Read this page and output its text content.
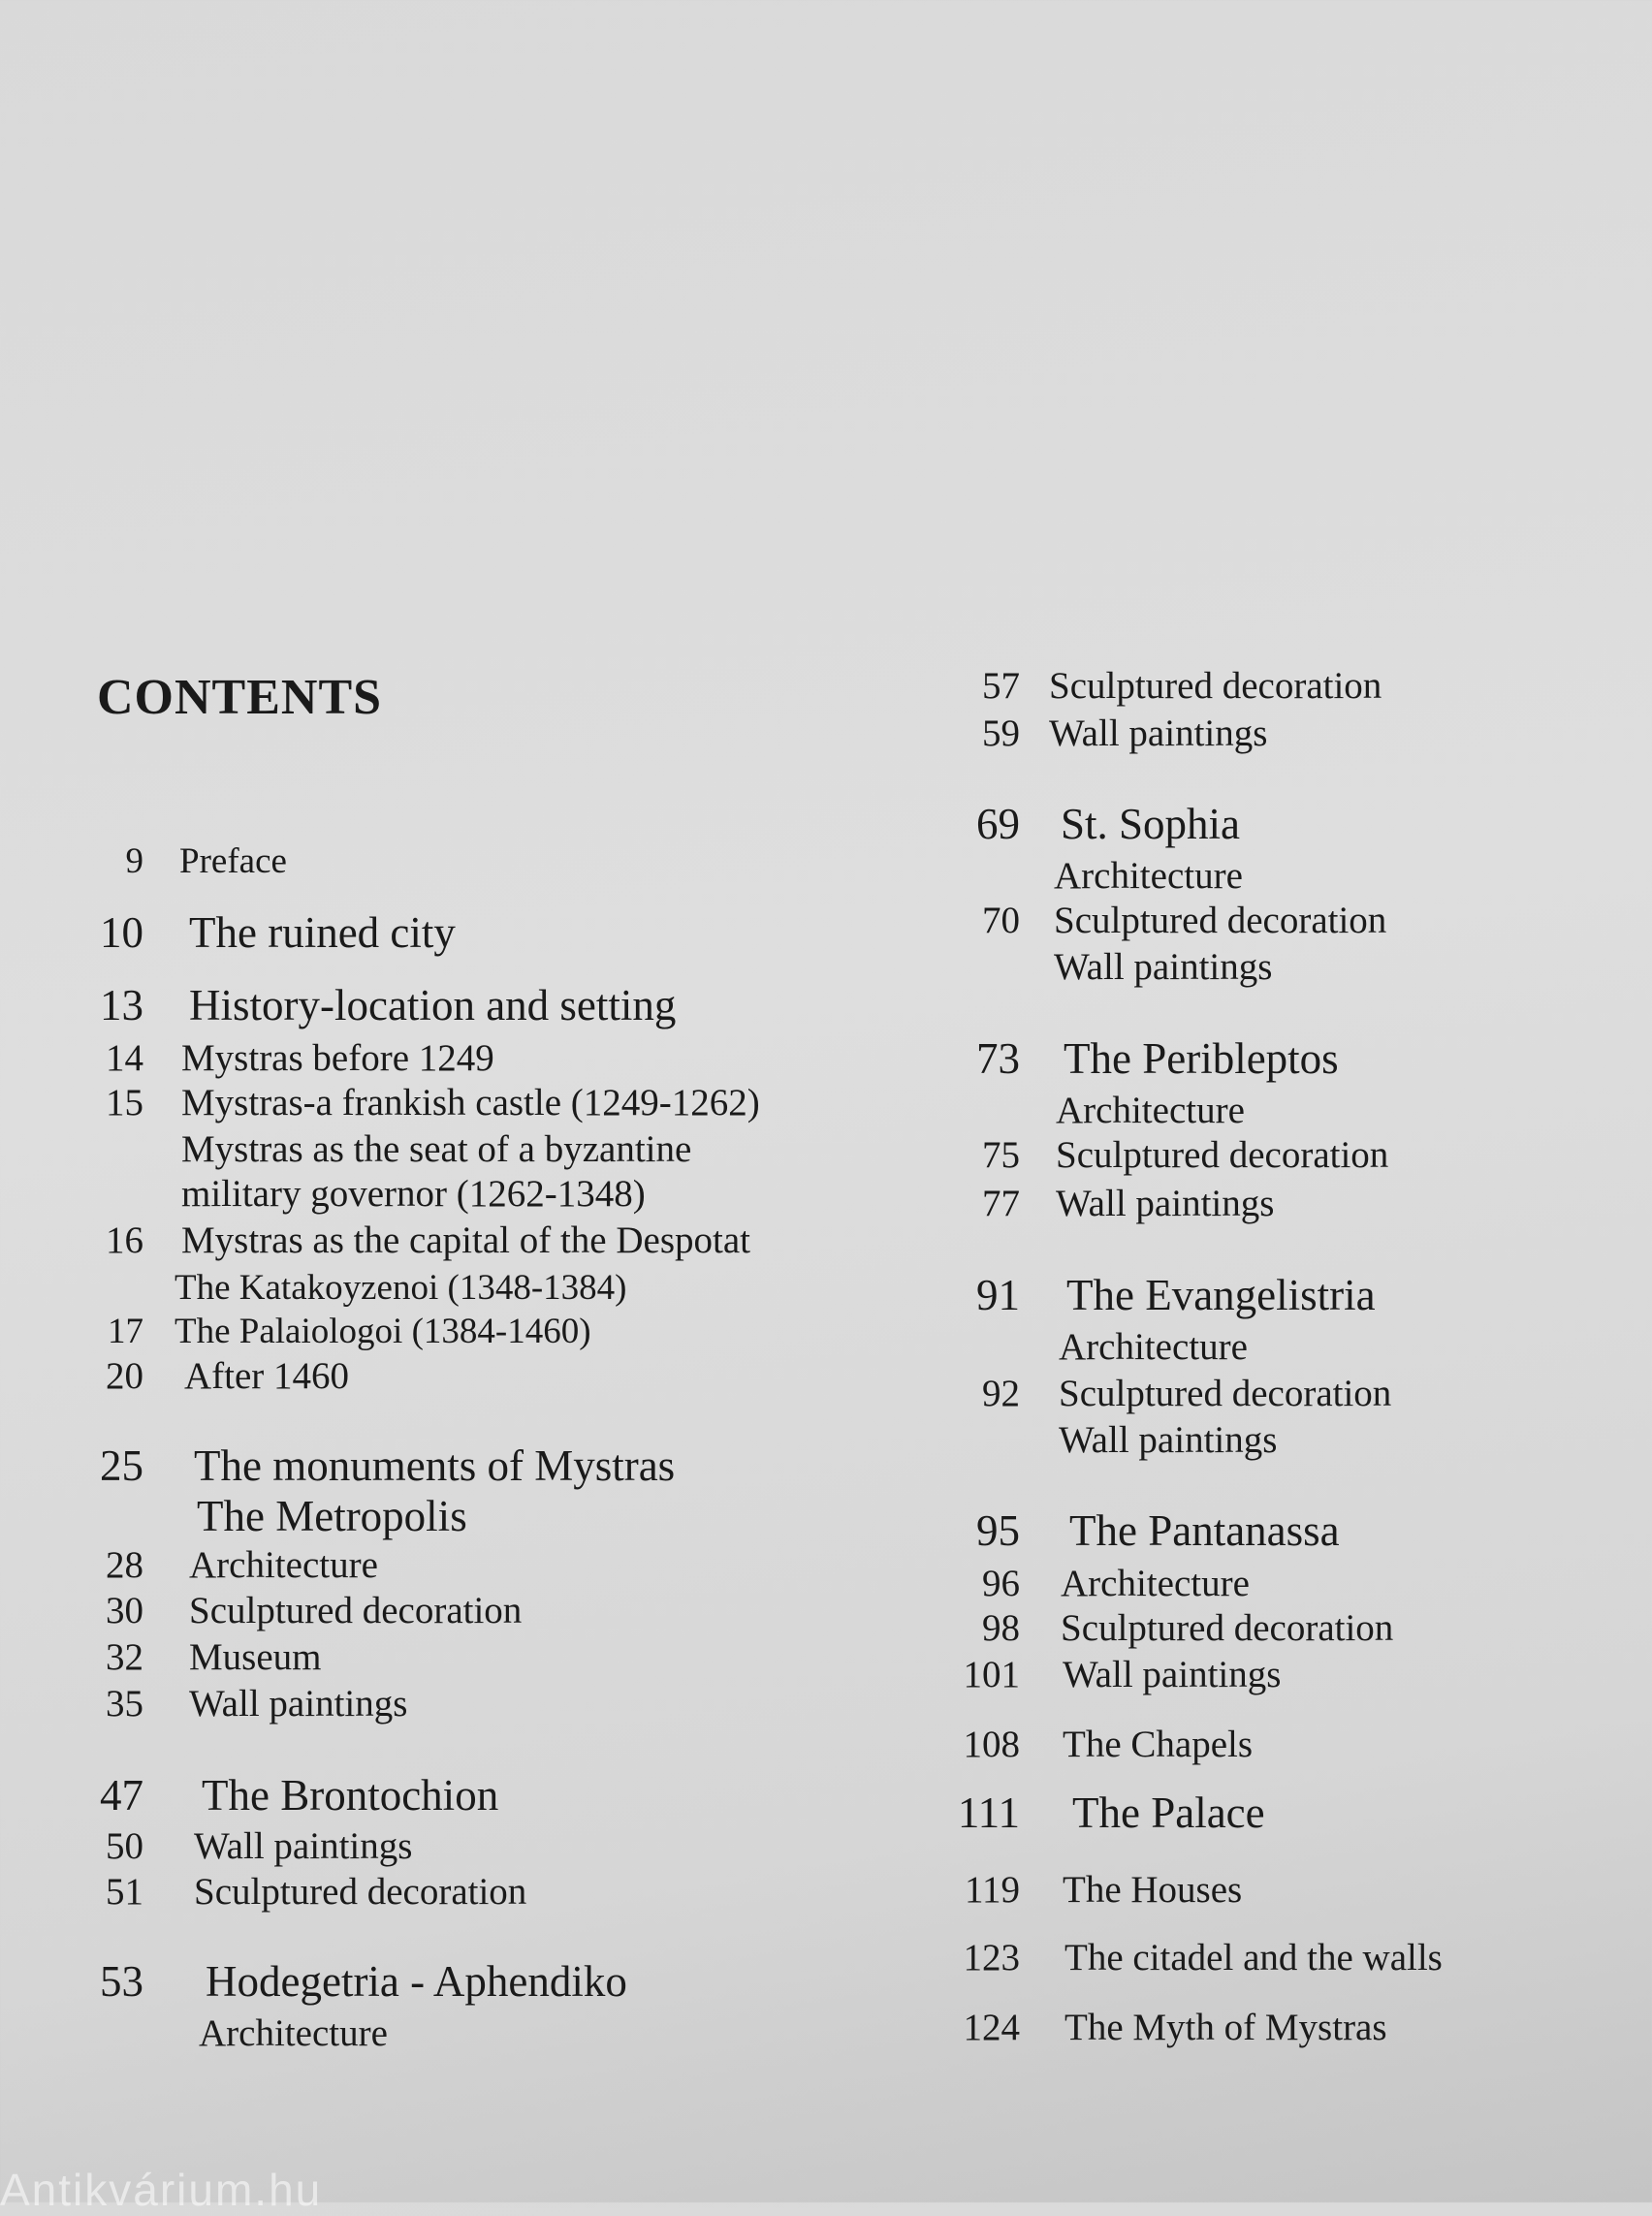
CONTENTS
9 Preface
10 The ruined city
13 History-location and setting
14 Mystras before 1249
15 Mystras-a frankish castle (1249-1262)
Mystras as the seat of a byzantine
military governor (1262-1348)
16 Mystras as the capital of the Despotat
The Katakoyzenoi (1348-1384)
17 The Palaiologoi (1384-1460)
20 After 1460
25 The monuments of Mystras
The Metropolis
28 Architecture
30 Sculptured decoration
32 Museum
35 Wall paintings
47 The Brontochion
50 Wall paintings
51 Sculptured decoration
53 Hodegetria - Aphendiko
Architecture
57 Sculptured decoration
59 Wall paintings
69 St. Sophia
Architecture
70 Sculptured decoration
Wall paintings
73 The Peribleptos
Architecture
75 Sculptured decoration
77 Wall paintings
91 The Evangelistria
Architecture
92 Sculptured decoration
Wall paintings
95 The Pantanassa
96 Architecture
98 Sculptured decoration
101 Wall paintings
108 The Chapels
111 The Palace
119 The Houses
123 The citadel and the walls
124 The Myth of Mystras
Antikvárium.hu
